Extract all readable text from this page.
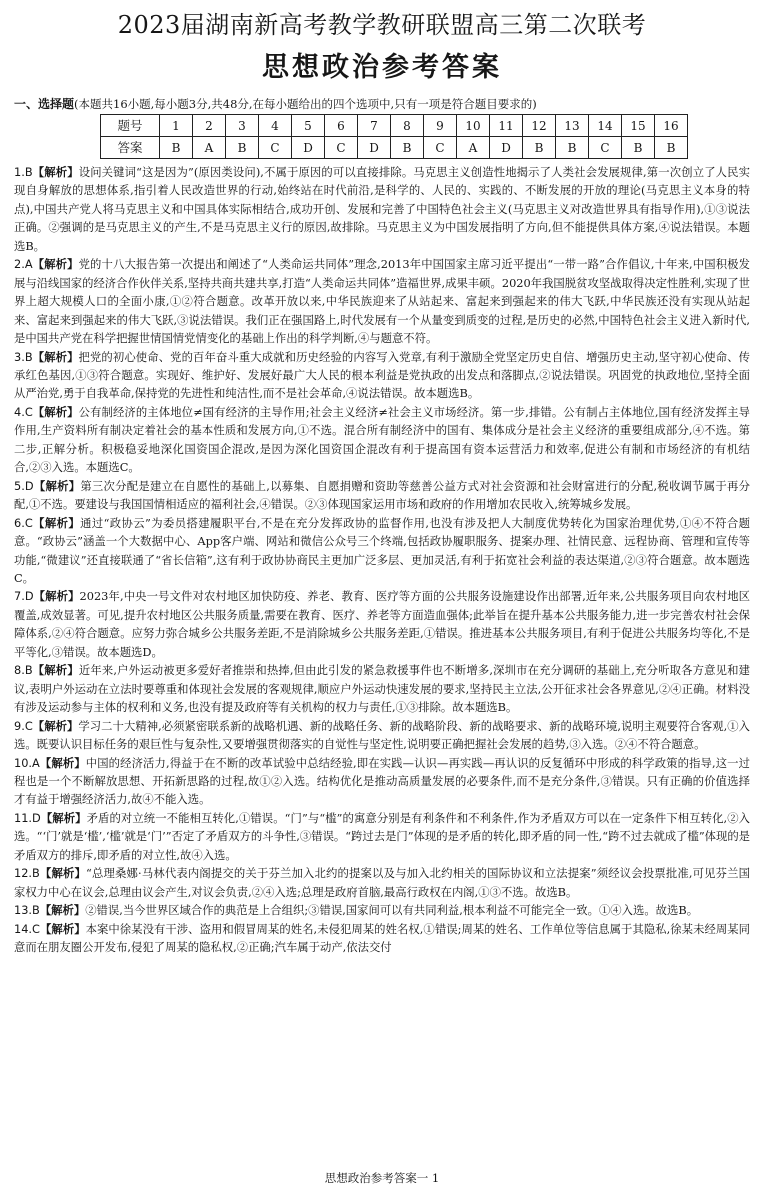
2023届湖南新高考教学教研联盟高三第二次联考
思想政治参考答案
一、选择题(本题共16小题,每小题3分,共48分,在每小题给出的四个选项中,只有一项是符合题目要求的)
题号	1	2	3	4	5	6	7	8	9	10	11	12	13	14	15	16
答案	B	A	B	C	D	C	D	B	C	A	D	B	B	C	B	B
1.B【解析】设问关键词“这是因为”(原因类设问),不属于原因的可以直接排除。马克思主义创造性地揭示了人类社会发展规律,第一次创立了人民实现自身解放的思想体系,指引着人民改造世界的行动,始终站在时代前沿,是科学的、人民的、实践的、不断发展的开放的理论(马克思主义本身的特点),中国共产党人将马克思主义和中国具体实际相结合,成功开创、发展和完善了中国特色社会主义(马克思主义对改造世界具有指导作用),①③说法正确。②强调的是马克思主义的产生,不是马克思主义行的原因,故排除。马克思主义为中国发展指明了方向,但不能提供具体方案,④说法错误。本题选B。
2.A【解析】党的十八大报告第一次提出和阐述了“人类命运共同体”理念,2013年中国国家主席习近平提出“一带一路”合作倡议,十年来,中国积极发展与沿线国家的经济合作伙伴关系,坚持共商共建共享,打造“人类命运共同体”造福世界,成果丰硕。2020年我国脱贫攻坚战取得决定性胜利,实现了世界上超大规模人口的全面小康,①②符合题意。改革开放以来,中华民族迎来了从站起来、富起来到强起来的伟大飞跃,中华民族还没有实现从站起来、富起来到强起来的伟大飞跃,③说法错误。我们正在强国路上,时代发展有一个从量变到质变的过程,是历史的必然,中国特色社会主义进入新时代,是中国共产党在科学把握世情国情党情变化的基础上作出的科学判断,④与题意不符。
3.B【解析】把党的初心使命、党的百年奋斗重大成就和历史经验的内容写入党章,有利于激励全党坚定历史自信、增强历史主动,坚守初心使命、传承红色基因,①③符合题意。实现好、维护好、发展好最广大人民的根本利益是党执政的出发点和落脚点,②说法错误。巩固党的执政地位,坚持全面从严治党,勇于自我革命,保持党的先进性和纯洁性,而不是社会革命,④说法错误。故本题选B。
4.C【解析】公有制经济的主体地位≠国有经济的主导作用;社会主义经济≠社会主义市场经济。第一步,排错。公有制占主体地位,国有经济发挥主导作用,生产资料所有制决定着社会的基本性质和发展方向,①不选。混合所有制经济中的国有、集体成分是社会主义经济的重要组成部分,④不选。第二步,正解分析。积极稳妥地深化国资国企混改,是因为深化国资国企混改有利于提高国有资本运营活力和效率,促进公有制和市场经济的有机结合,②③入选。本题选C。
5.D【解析】第三次分配是建立在自愿性的基础上,以募集、自愿捐赠和资助等慈善公益方式对社会资源和社会财富进行的分配,税收调节属于再分配,①不选。要建设与我国国情相适应的福利社会,④错误。②③体现国家运用市场和政府的作用增加农民收入,统筹城乡发展。
6.C【解析】通过“政协云”为委员搭建履职平台,不是在充分发挥政协的监督作用,也没有涉及把人大制度优势转化为国家治理优势,①④不符合题意。“政协云”涵盖一个大数据中心、App客户端、网站和微信公众号三个终端,包括政协履职服务、提案办理、社情民意、远程协商、管理和宣传等功能,“微建议”还直接联通了“省长信箱”,这有利于政协协商民主更加广泛多层、更加灵活,有利于拓宽社会利益的表达渠道,②③符合题意。故本题选C。
7.D【解析】2023年,中央一号文件对农村地区加快防疫、养老、教育、医疗等方面的公共服务设施建设作出部署,近年来,公共服务项目向农村地区覆盖,成效显著。可见,提升农村地区公共服务质量,需要在教育、医疗、养老等方面造血强体;此举旨在提升基本公共服务能力,进一步完善农村社会保障体系,②④符合题意。应努力弥合城乡公共服务差距,不是消除城乡公共服务差距,①错误。推进基本公共服务项目,有利于促进公共服务均等化,不是平等化,③错误。故本题选D。
8.B【解析】近年来,户外运动被更多爱好者推崇和热捧,但由此引发的紧急救援事件也不断增多,深圳市在充分调研的基础上,充分听取各方意见和建议,表明户外运动在立法时要尊重和体现社会发展的客观规律,顺应户外运动快速发展的要求,坚持民主立法,公开征求社会各界意见,②④正确。材料没有涉及运动参与主体的权利和义务,也没有提及政府等有关机构的权力与责任,①③排除。故本题选B。
9.C【解析】学习二十大精神,必须紧密联系新的战略机遇、新的战略任务、新的战略阶段、新的战略要求、新的战略环境,说明主观要符合客观,①入选。既要认识目标任务的艰巨性与复杂性,又要增强贯彻落实的自觉性与坚定性,说明要正确把握社会发展的趋势,③入选。②④不符合题意。
10.A【解析】中国的经济活力,得益于在不断的改革试验中总结经验,即在实践—认识—再实践—再认识的反复循环中形成的科学政策的指导,这一过程也是一个不断解放思想、开拓新思路的过程,故①②入选。结构优化是推动高质量发展的必要条件,而不是充分条件,③错误。只有正确的价值选择才有益于增强经济活力,故④不能入选。
11.D【解析】矛盾的对立统一不能相互转化,①错误。“门”与“槛”的寓意分别是有利条件和不利条件,作为矛盾双方可以在一定条件下相互转化,②入选。“‘门’就是‘槛’,‘槛’就是‘门’”否定了矛盾双方的斗争性,③错误。“跨过去是门”体现的是矛盾的转化,即矛盾的同一性,“跨不过去就成了槛”体现的是矛盾双方的排斥,即矛盾的对立性,故④入选。
12.B【解析】“总理桑娜·马林代表内阁提交的关于芬兰加入北约的提案以及与加入北约相关的国际协议和立法提案”须经议会投票批准,可见芬兰国家权力中心在议会,总理由议会产生,对议会负责,②④入选;总理是政府首脑,最高行政权在内阁,①③不选。故选B。
13.B【解析】②错误,当今世界区域合作的典范是上合组织;③错误,国家间可以有共同利益,根本利益不可能完全一致。①④入选。故选B。
14.C【解析】本案中徐某没有干涉、盗用和假冒周某的姓名,未侵犯周某的姓名权,①错误;周某的姓名、工作单位等信息属于其隐私,徐某未经周某同意而在朋友圈公开发布,侵犯了周某的隐私权,②正确;汽车属于动产,依法交付
思想政治参考答案一 1
